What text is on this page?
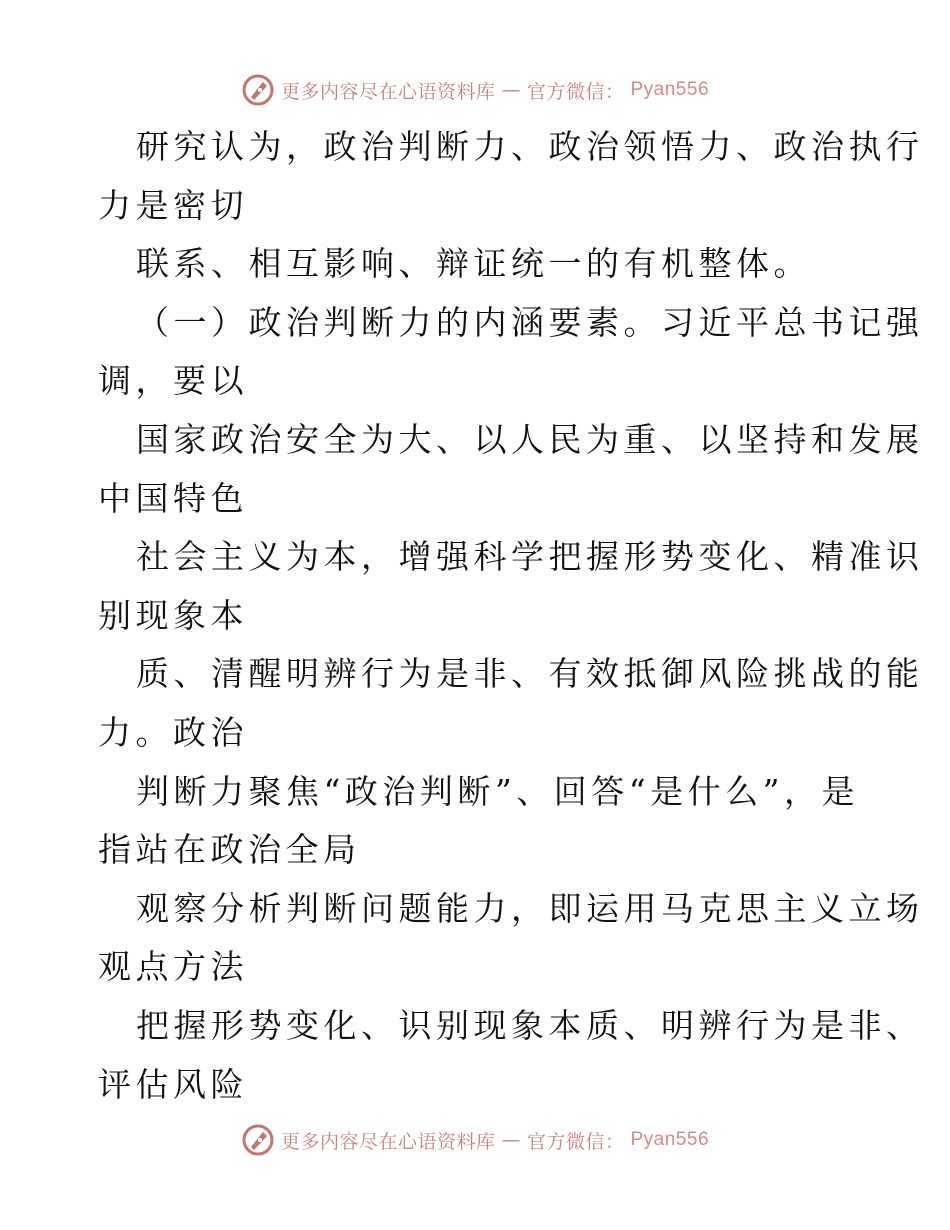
更多内容尽在心语资料库 — 官方微信： Pyan556
研究认为，政治判断力、政治领悟力、政治执行
力是密切
联系、相互影响、辩证统一的有机整体。
（一）政治判断力的内涵要素。习近平总书记强
调，要以
国家政治安全为大、以人民为重、以坚持和发展
中国特色
社会主义为本，增强科学把握形势变化、精准识
别现象本
质、清醒明辨行为是非、有效抵御风险挑战的能
力。政治
判断力聚焦“政治判断”、回答“是什么”，是
指站在政治全局
观察分析判断问题能力，即运用马克思主义立场
观点方法
把握形势变化、识别现象本质、明辨行为是非、
评估风险
更多内容尽在心语资料库 — 官方微信： Pyan556
